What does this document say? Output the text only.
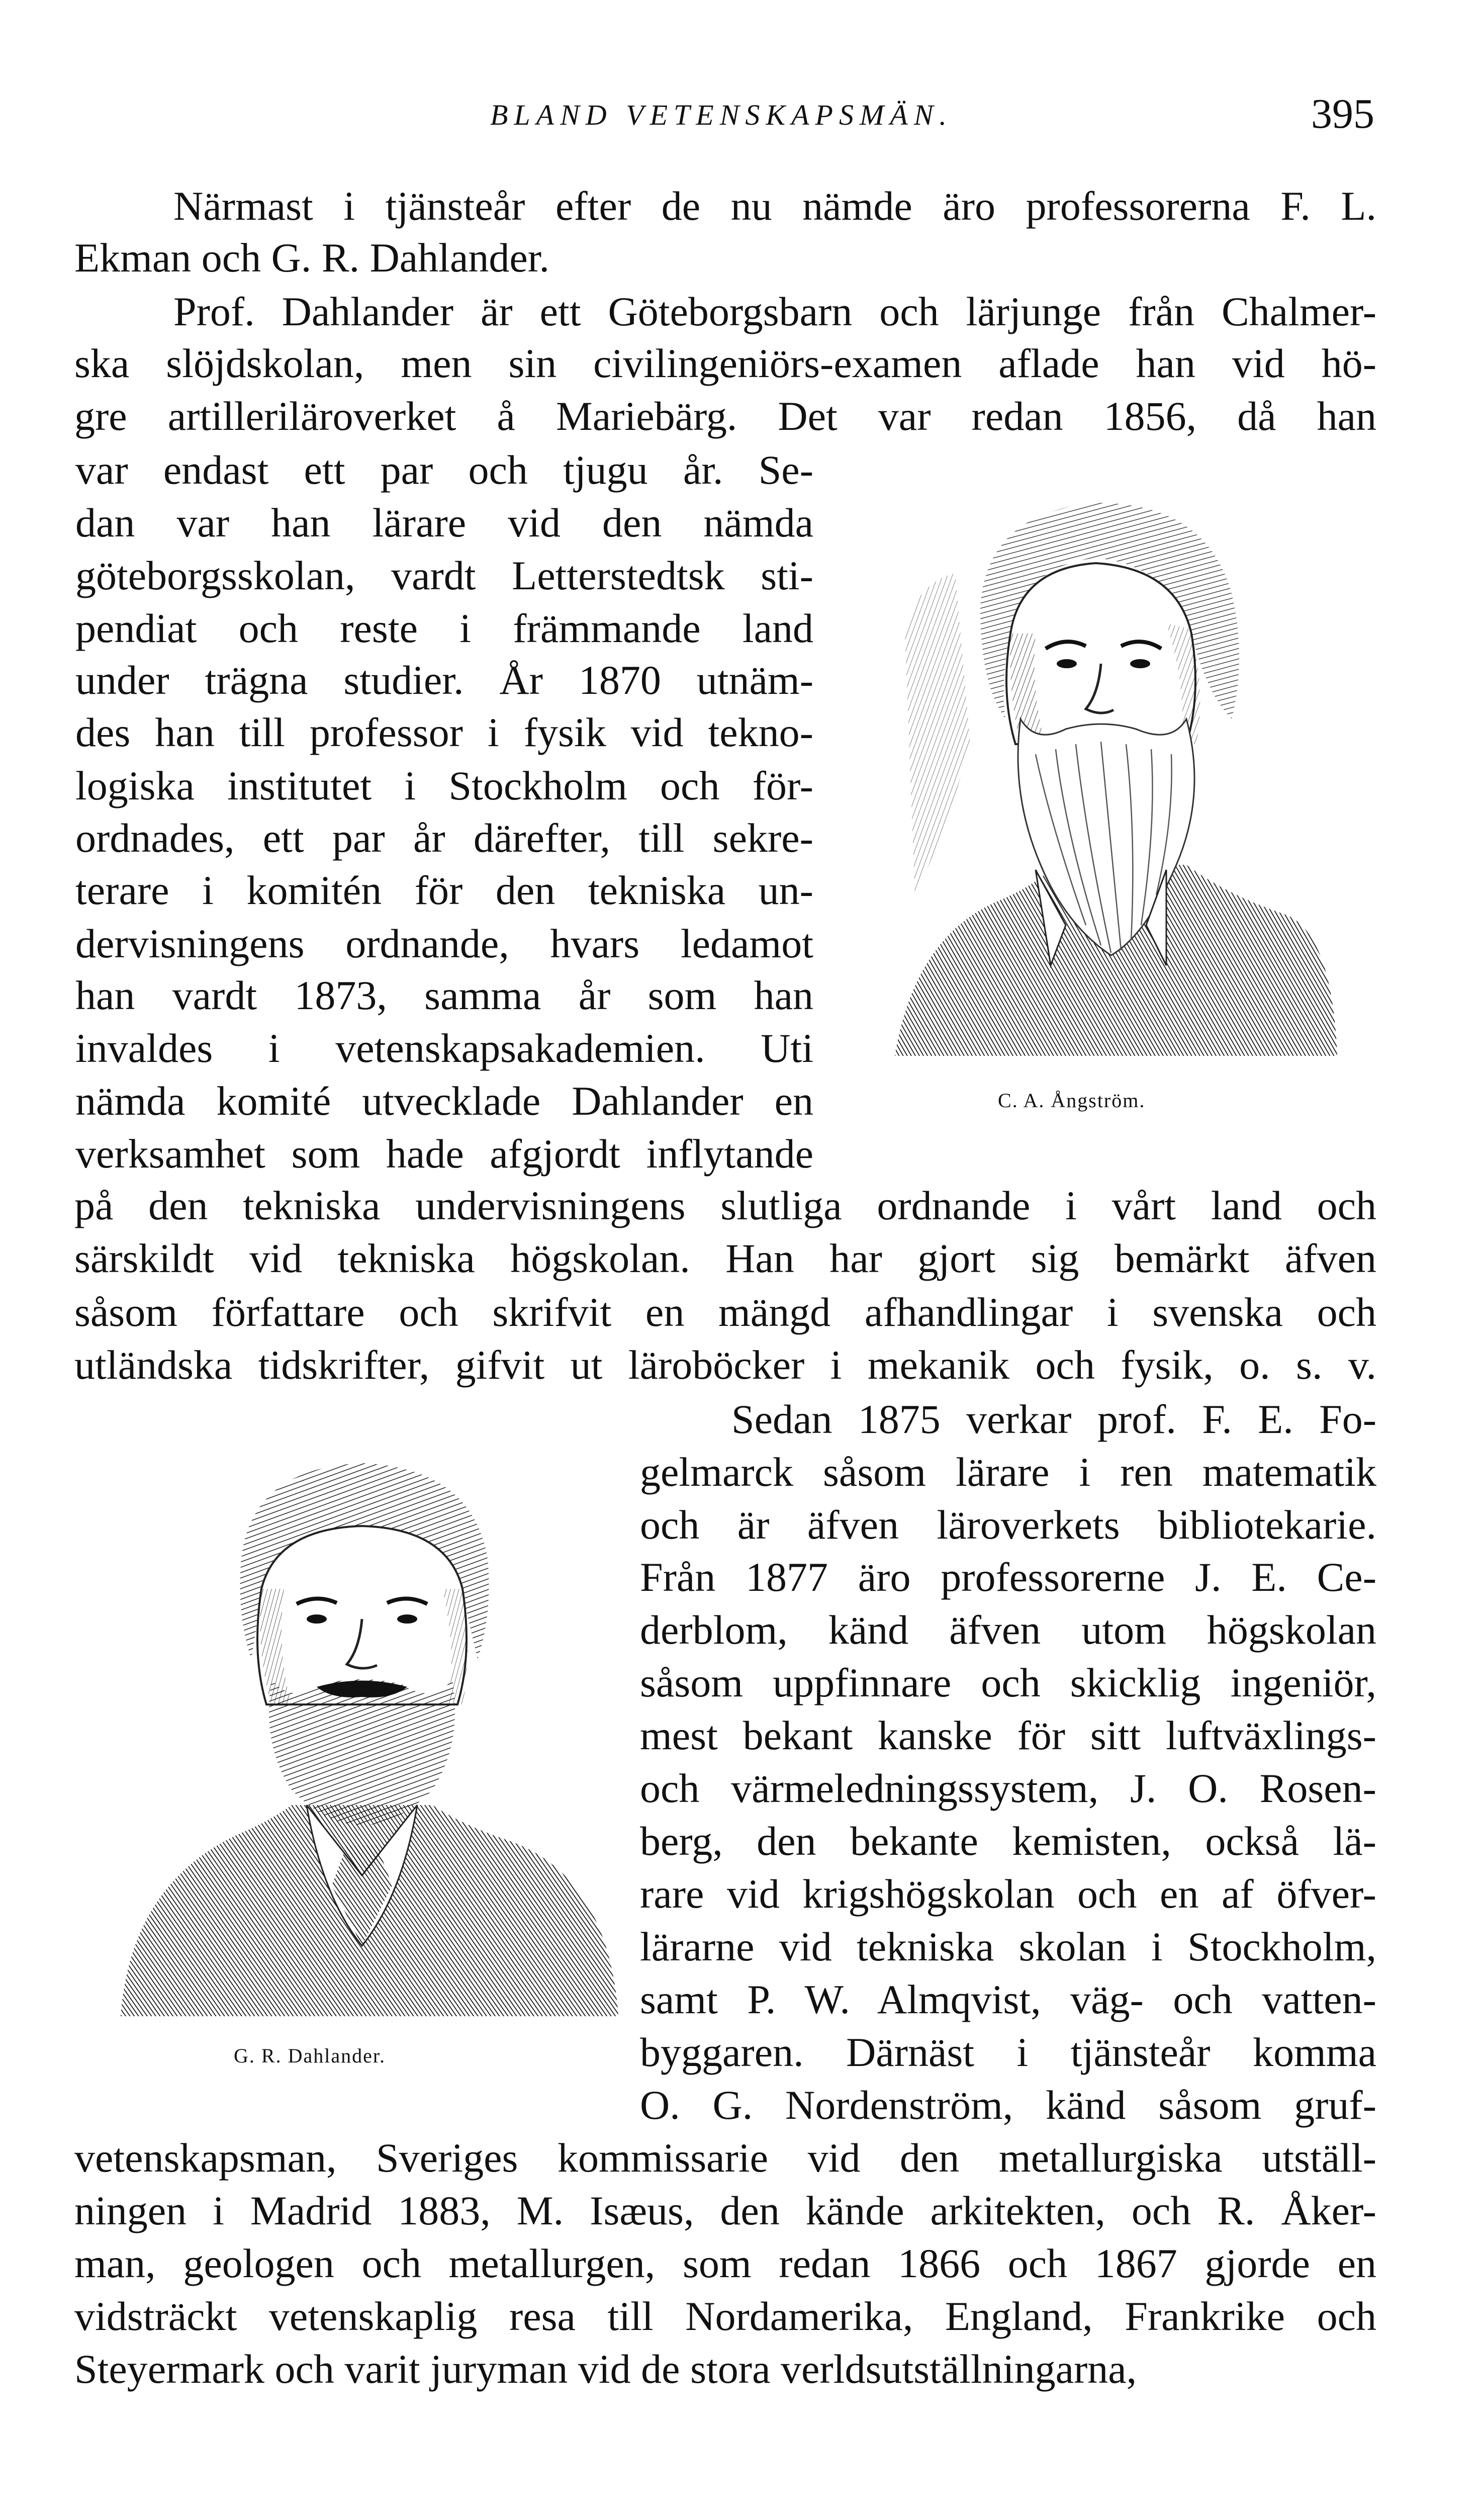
BLAND VETENSKAPSMÄN.	395
Närmast i tjänsteår efter de nu nämde äro professorerna F. L.
Ekman och G. R. Dahlander.
Prof. Dahlander är ett Göteborgsbarn och lärjunge från Chalmer-
ska slöjdskolan, men sin civilingeniörs-examen aflade han vid hö-
gre artilleriläroverket å Mariebärg. Det var redan 1856, då han
var endast ett par och tjugu år. Se-
dan var han lärare vid den nämda
göteborgsskolan, vardt Letterstedtsk sti-
pendiat och reste i främmande land
under trägna studier. År 1870 utnäm-
des han till professor i fysik vid tekno-
logiska institutet i Stockholm och för-
ordnades, ett par år därefter, till sekre-
terare i komitén för den tekniska un-
dervisningens ordnande, hvars ledamot
han vardt 1873, samma år som han
invaldes i vetenskapsakademien. Uti
nämda komité utvecklade Dahlander en
verksamhet som hade afgjordt inflytande
på den tekniska undervisningens slutliga ordnande i vårt land och
särskildt vid tekniska högskolan. Han har gjort sig bemärkt äfven
såsom författare och skrifvit en mängd afhandlingar i svenska och
utländska tidskrifter, gifvit ut läroböcker i mekanik och fysik, o. s. v.
Sedan 1875 verkar prof. F. E. Fo-
gelmarck såsom lärare i ren matematik
och är äfven läroverkets bibliotekarie.
Från 1877 äro professorerne J. E. Ce-
derblom, känd äfven utom högskolan
såsom uppfinnare och skicklig ingeniör,
mest bekant kanske för sitt luftväxlings-
och värmeledningssystem, J. O. Rosen-
berg, den bekante kemisten, också lä-
rare vid krigshögskolan och en af öfver-
lärarne vid tekniska skolan i Stockholm,
samt P. W. Almqvist, väg- och vatten-
byggaren. Därnäst i tjänsteår komma
O. G. Nordenström, känd såsom gruf-
vetenskapsman, Sveriges kommissarie vid den metallurgiska utställ-
ningen i Madrid 1883, M. Isæus, den kände arkitekten, och R. Åker-
man, geologen och metallurgen, som redan 1866 och 1867 gjorde en
vidsträckt vetenskaplig resa till Nordamerika, England, Frankrike och
Steyermark och varit juryman vid de stora verldsutställningarna,
C. A. Ångström.
G. R. Dahlander.
